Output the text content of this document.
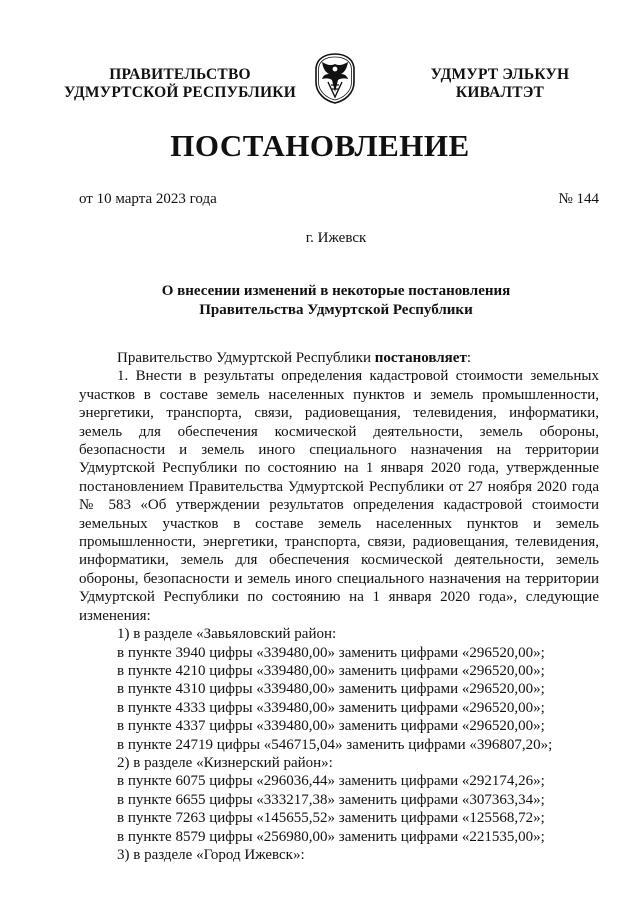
ПРАВИТЕЛЬСТВО
УДМУРТСКОЙ РЕСПУБЛИКИ
УДМУРТ ЭЛЬКУН
КИВАЛТЭТ
ПОСТАНОВЛЕНИЕ
от 10 марта 2023 года	№ 144
г. Ижевск
О внесении изменений в некоторые постановления
Правительства Удмуртской Республики
Правительство Удмуртской Республики постановляет:
1. Внести в результаты определения кадастровой стоимости земельных
участков в составе земель населенных пунктов и земель промышленности,
энергетики, транспорта, связи, радиовещания, телевидения, информатики,
земель для обеспечения космической деятельности, земель обороны,
безопасности и земель иного специального назначения на территории
Удмуртской Республики по состоянию на 1 января 2020 года, утвержденные
постановлением Правительства Удмуртской Республики от 27 ноября 2020 года
№ 583 «Об утверждении результатов определения кадастровой стоимости
земельных участков в составе земель населенных пунктов и земель
промышленности, энергетики, транспорта, связи, радиовещания, телевидения,
информатики, земель для обеспечения космической деятельности, земель
обороны, безопасности и земель иного специального назначения на территории
Удмуртской Республики по состоянию на 1 января 2020 года», следующие
изменения:
1) в разделе «Завьяловский район:
в пункте 3940 цифры «339480,00» заменить цифрами «296520,00»;
в пункте 4210 цифры «339480,00» заменить цифрами «296520,00»;
в пункте 4310 цифры «339480,00» заменить цифрами «296520,00»;
в пункте 4333 цифры «339480,00» заменить цифрами «296520,00»;
в пункте 4337 цифры «339480,00» заменить цифрами «296520,00»;
в пункте 24719 цифры «546715,04» заменить цифрами «396807,20»;
2) в разделе «Кизнерский район»:
в пункте 6075 цифры «296036,44» заменить цифрами «292174,26»;
в пункте 6655 цифры «333217,38» заменить цифрами «307363,34»;
в пункте 7263 цифры «145655,52» заменить цифрами «125568,72»;
в пункте 8579 цифры «256980,00» заменить цифрами «221535,00»;
3) в разделе «Город Ижевск»:
